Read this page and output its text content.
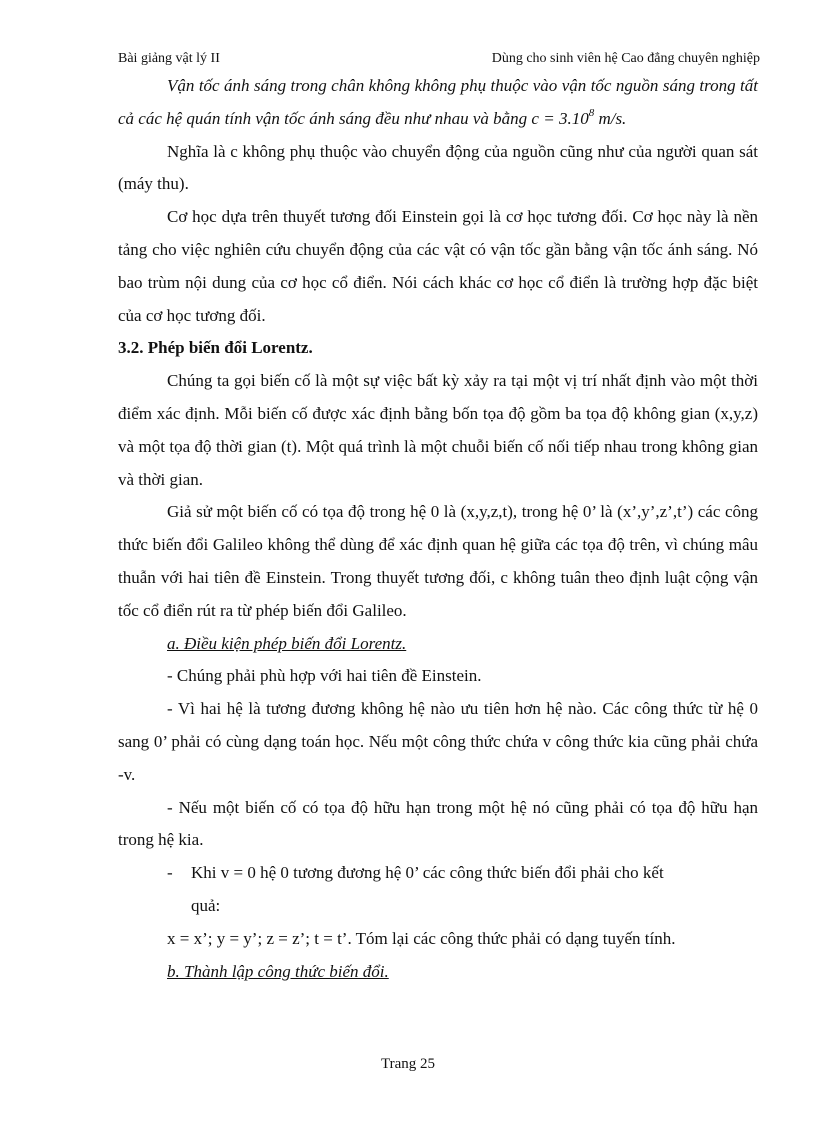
Bài giảng vật lý II	Dùng cho sinh viên hệ Cao đẳng chuyên nghiệp

Vận tốc ánh sáng trong chân không không phụ thuộc vào vận tốc nguồn sáng trong tất cả các hệ quán tính vận tốc ánh sáng đều như nhau và bằng $c = 3.10^8$ m/s.

Nghĩa là c không phụ thuộc vào chuyển động của nguồn cũng như của người quan sát (máy thu).

Cơ học dựa trên thuyết tương đối Einstein gọi là cơ học tương đối. Cơ học này là nền tảng cho việc nghiên cứu chuyển động của các vật có vận tốc gần bằng vận tốc ánh sáng. Nó bao trùm nội dung của cơ học cổ điển. Nói cách khác cơ học cổ điển là trường hợp đặc biệt của cơ học tương đối.

3.2. Phép biến đổi Lorentz.

Chúng ta gọi biến cố là một sự việc bất kỳ xảy ra tại một vị trí nhất định vào một thời điểm xác định. Mỗi biến cố được xác định bằng bốn tọa độ gồm ba tọa độ không gian (x,y,z) và một tọa độ thời gian (t). Một quá trình là một chuỗi biến cố nối tiếp nhau trong không gian và thời gian.

Giả sử một biến cố có tọa độ trong hệ 0 là (x,y,z,t), trong hệ 0’ là (x’,y’,z’,t’) các công thức biến đổi Galileo không thể dùng để xác định quan hệ giữa các tọa độ trên, vì chúng mâu thuẫn với hai tiên đề Einstein. Trong thuyết tương đối, c không tuân theo định luật cộng vận tốc cổ điển rút ra từ phép biến đổi Galileo.

a. Điều kiện phép biến đổi Lorentz.

- Chúng phải phù hợp với hai tiên đề Einstein.

- Vì hai hệ là tương đương không hệ nào ưu tiên hơn hệ nào. Các công thức từ hệ 0 sang 0’ phải có cùng dạng toán học. Nếu một công thức chứa v công thức kia cũng phải chứa -v.

- Nếu một biến cố có tọa độ hữu hạn trong một hệ nó cũng phải có tọa độ hữu hạn trong hệ kia.

- Khi v = 0 hệ 0 tương đương hệ 0’ các công thức biến đổi phải cho kết

quả:

x = x’; y = y’; z = z’; t = t’. Tóm lại các công thức phải có dạng tuyến tính.

b. Thành lập công thức biến đổi.

Trang 25
